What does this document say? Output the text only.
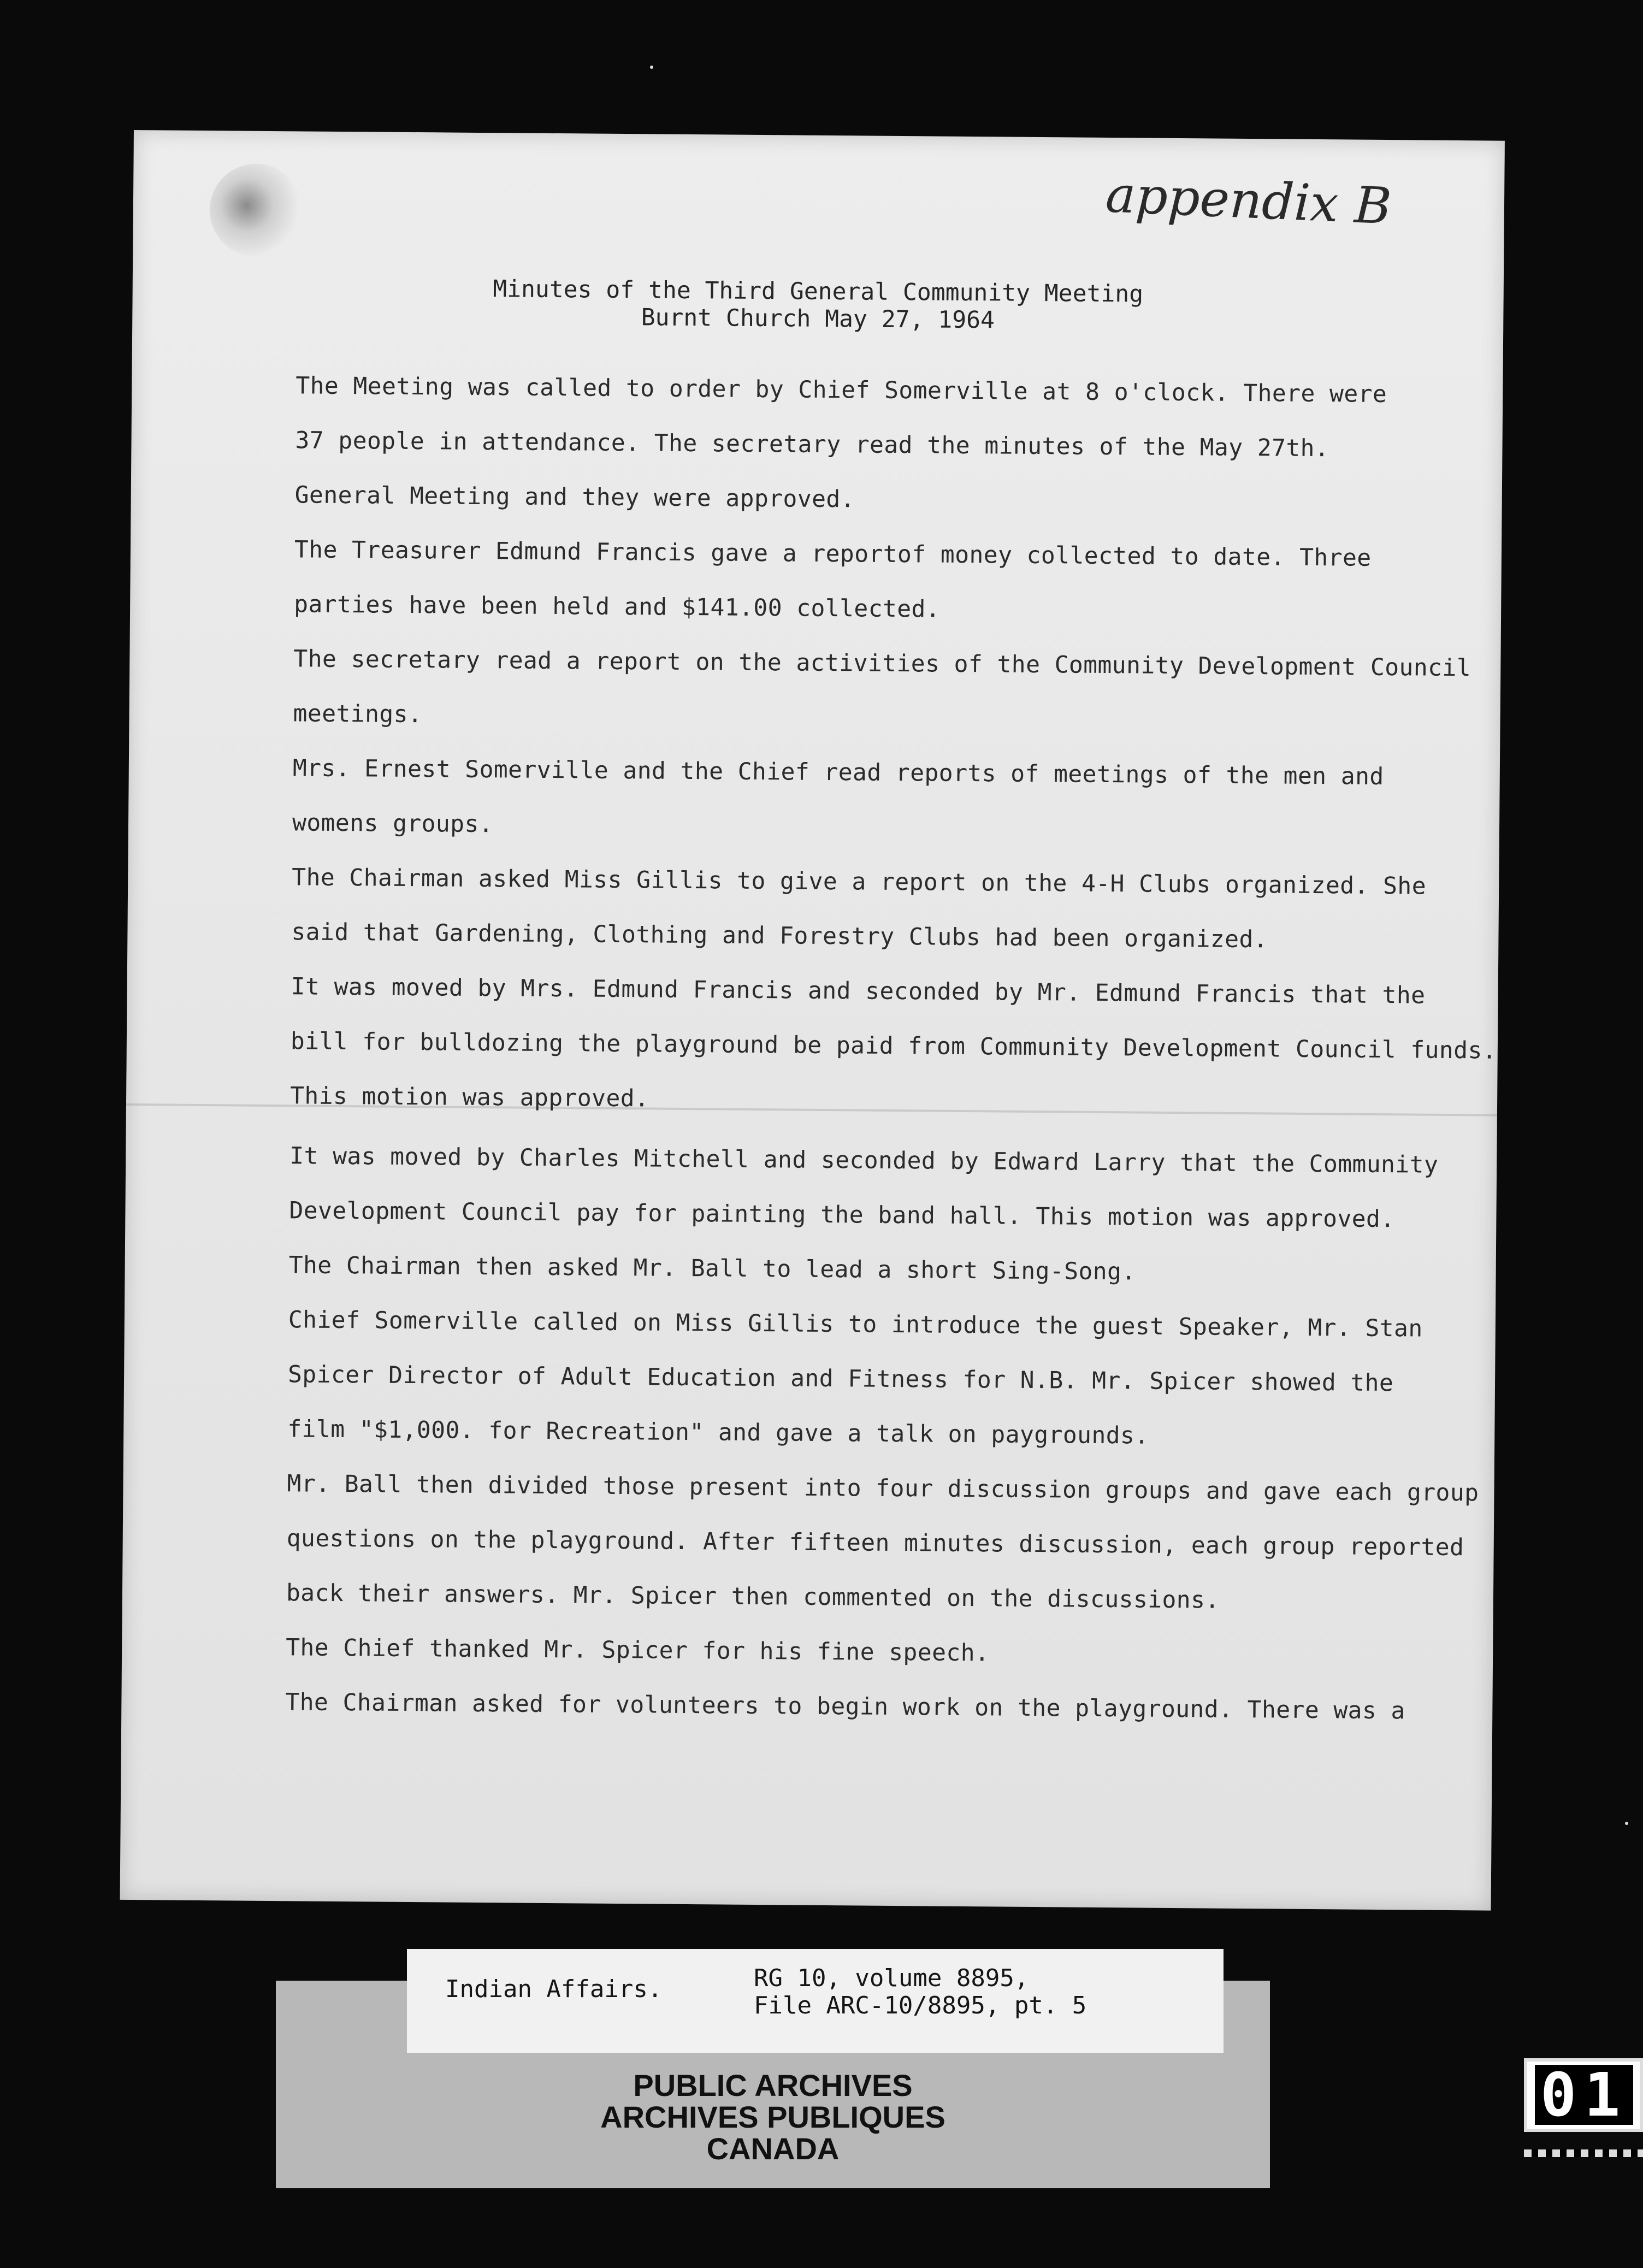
appendix B
Minutes of the Third General Community Meeting
Burnt Church May 27, 1964
The Meeting was called to order by Chief Somerville at 8 o'clock. There were
37 people in attendance. The secretary read the minutes of the May 27th.
General Meeting and they were approved.
The Treasurer Edmund Francis gave a reportof money collected to date. Three
parties have been held and $141.00 collected.
The secretary read a report on the activities of the Community Development Council
meetings.
Mrs. Ernest Somerville and the Chief read reports of meetings of the men and
womens groups.
The Chairman asked Miss Gillis to give a report on the 4-H Clubs organized. She
said that Gardening, Clothing and Forestry Clubs had been organized.
It was moved by Mrs. Edmund Francis and seconded by Mr. Edmund Francis that the
bill for bulldozing the playground be paid from Community Development Council funds.
This motion was approved.
It was moved by Charles Mitchell and seconded by Edward Larry that the Community
Development Council pay for painting the band hall. This motion was approved.
The Chairman then asked Mr. Ball to lead a short Sing-Song.
Chief Somerville called on Miss Gillis to introduce the guest Speaker, Mr. Stan
Spicer Director of Adult Education and Fitness for N.B. Mr. Spicer showed the
film "$1,000. for Recreation" and gave a talk on paygrounds.
Mr. Ball then divided those present into four discussion groups and gave each group
questions on the playground. After fifteen minutes discussion, each group reported
back their answers. Mr. Spicer then commented on the discussions.
The Chief thanked Mr. Spicer for his fine speech.
The Chairman asked for volunteers to begin work on the playground. There was a
Indian Affairs.	RG 10, volume 8895,
File ARC-10/8895, pt. 5
PUBLIC ARCHIVES
ARCHIVES PUBLIQUES
CANADA
01
